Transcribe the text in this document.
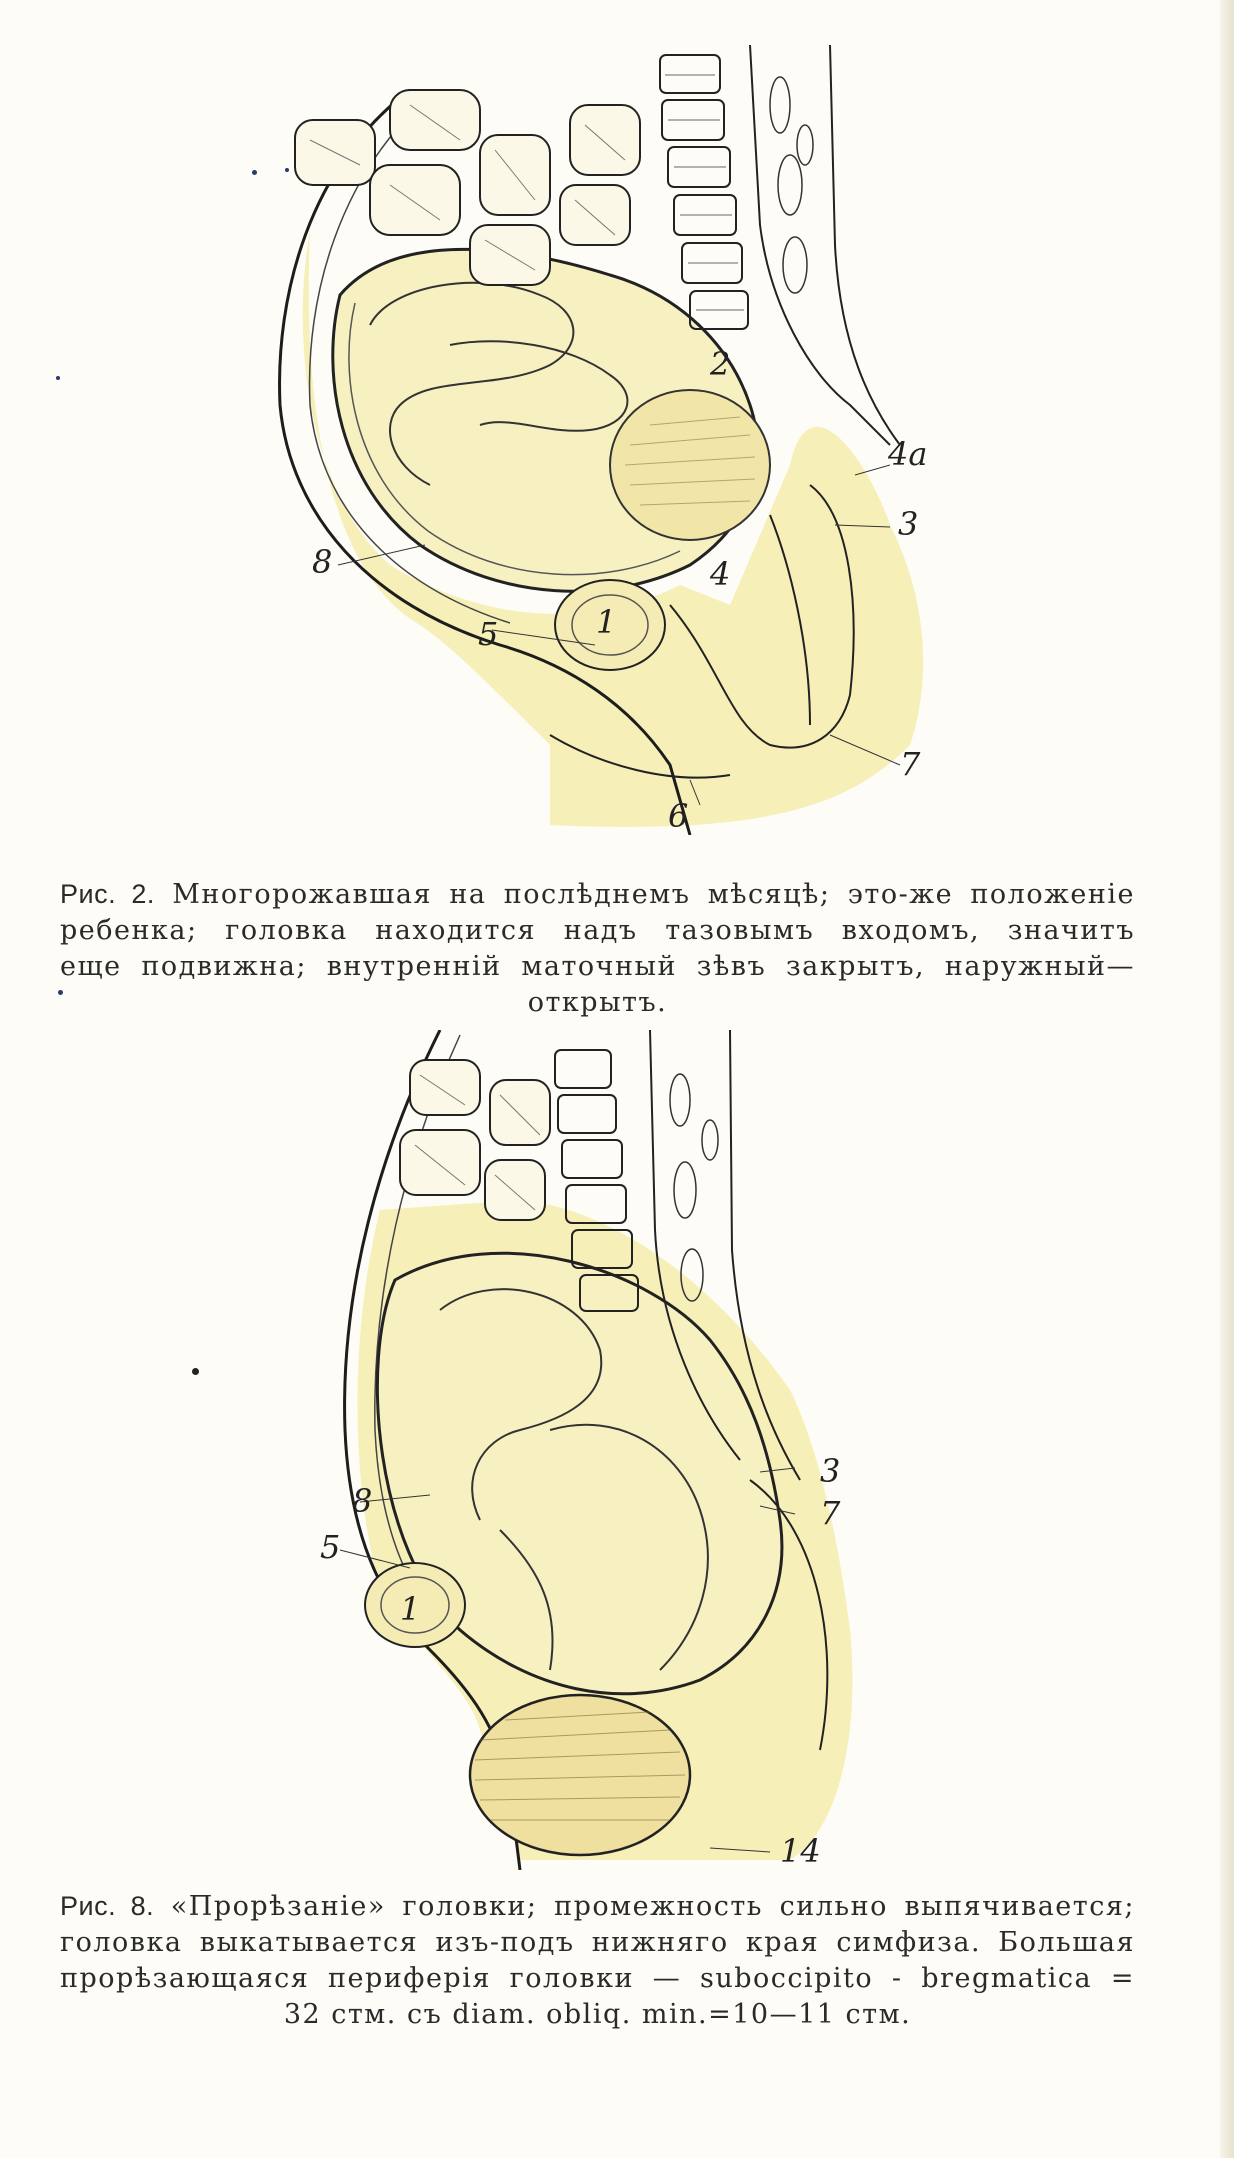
8
5	1
2
4
4a
3
7
6
Рис. 2. Многорожавшая на послѣднемъ мѣсяцѣ; это-же положеніе
ребенка; головка находится надъ тазовымъ входомъ, значитъ
еще подвижна; внутренній маточный зѣвъ закрытъ, наружный—
открытъ.
8
5
1
3
7
14
Рис. 8. «Прорѣзаніе» головки; промежность сильно выпячивается;
головка выкатывается изъ-подъ нижняго края симфиза. Большая
прорѣзающаяся периферія головки — suboccipito - bregmatica =
32 стм. съ diam. obliq. min.=10—11 стм.
